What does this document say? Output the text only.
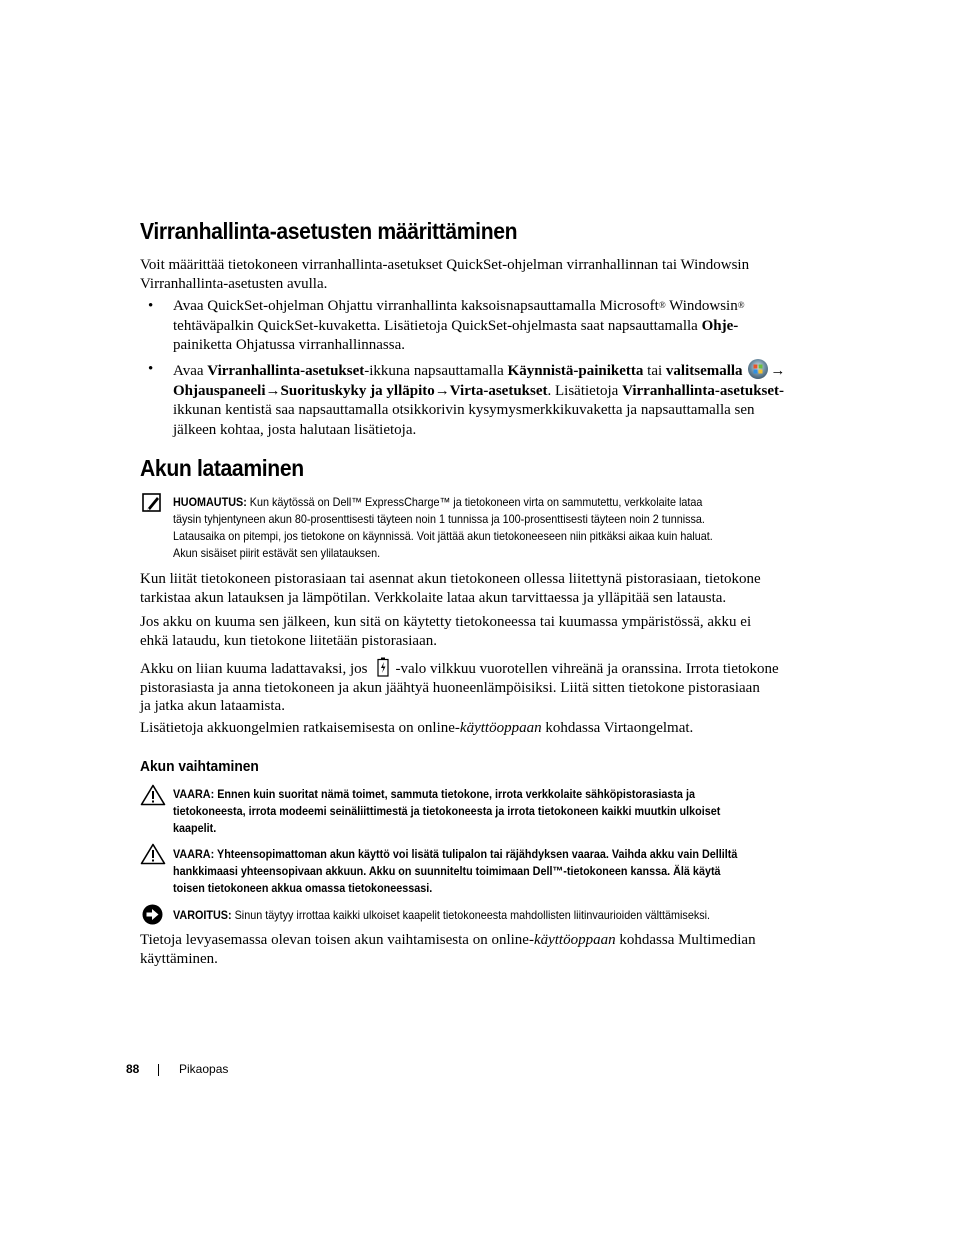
Virranhallinta-asetusten määrittäminen
Voit määrittää tietokoneen virranhallinta-asetukset QuickSet-ohjelman virranhallinnan tai Windowsin
Virranhallinta-asetusten avulla.
• Avaa QuickSet-ohjelman Ohjattu virranhallinta kaksoisnapsauttamalla Microsoft® Windowsin®
tehtäväpalkin QuickSet-kuvaketta. Lisätietoja QuickSet-ohjelmasta saat napsauttamalla Ohje-
painiketta Ohjatussa virranhallinnassa.
• Avaa Virranhallinta-asetukset-ikkuna napsauttamalla Käynnistä-painiketta tai valitsemalla →
Ohjauspaneeli→Suorituskyky ja ylläpito→Virta-asetukset. Lisätietoja Virranhallinta-asetukset-
ikkunan kentistä saa napsauttamalla otsikkorivin kysymysmerkkikuvaketta ja napsauttamalla sen
jälkeen kohtaa, josta halutaan lisätietoja.
Akun lataaminen
HUOMAUTUS: Kun käytössä on Dell™ ExpressCharge™ ja tietokoneen virta on sammutettu, verkkolaite lataa
täysin tyhjentyneen akun 80-prosenttisesti täyteen noin 1 tunnissa ja 100-prosenttisesti täyteen noin 2 tunnissa.
Latausaika on pitempi, jos tietokone on käynnissä. Voit jättää akun tietokoneeseen niin pitkäksi aikaa kuin haluat.
Akun sisäiset piirit estävät sen ylilatauksen.
Kun liität tietokoneen pistorasiaan tai asennat akun tietokoneen ollessa liitettynä pistorasiaan, tietokone
tarkistaa akun latauksen ja lämpötilan. Verkkolaite lataa akun tarvittaessa ja ylläpitää sen latausta.
Jos akku on kuuma sen jälkeen, kun sitä on käytetty tietokoneessa tai kuumassa ympäristössä, akku ei
ehkä lataudu, kun tietokone liitetään pistorasiaan.
Akku on liian kuuma ladattavaksi, jos -valo vilkkuu vuorotellen vihreänä ja oranssina. Irrota tietokone
pistorasiasta ja anna tietokoneen ja akun jäähtyä huoneenlämpöisiksi. Liitä sitten tietokone pistorasiaan
ja jatka akun lataamista.
Lisätietoja akkuongelmien ratkaisemisesta on online-käyttöoppaan kohdassa Virtaongelmat.
Akun vaihtaminen
VAARA: Ennen kuin suoritat nämä toimet, sammuta tietokone, irrota verkkolaite sähköpistorasiasta ja
tietokoneesta, irrota modeemi seinäliittimestä ja tietokoneesta ja irrota tietokoneen kaikki muutkin ulkoiset
kaapelit.
VAARA: Yhteensopimattoman akun käyttö voi lisätä tulipalon tai räjähdyksen vaaraa. Vaihda akku vain Delliltä
hankkimaasi yhteensopivaan akkuun. Akku on suunniteltu toimimaan Dell™-tietokoneen kanssa. Älä käytä
toisen tietokoneen akkua omassa tietokoneessasi.
VAROITUS: Sinun täytyy irrottaa kaikki ulkoiset kaapelit tietokoneesta mahdollisten liitinvaurioiden välttämiseksi.
Tietoja levyasemassa olevan toisen akun vaihtamisesta on online-käyttöoppaan kohdassa Multimedian
käyttäminen.
88	Pikaopas
